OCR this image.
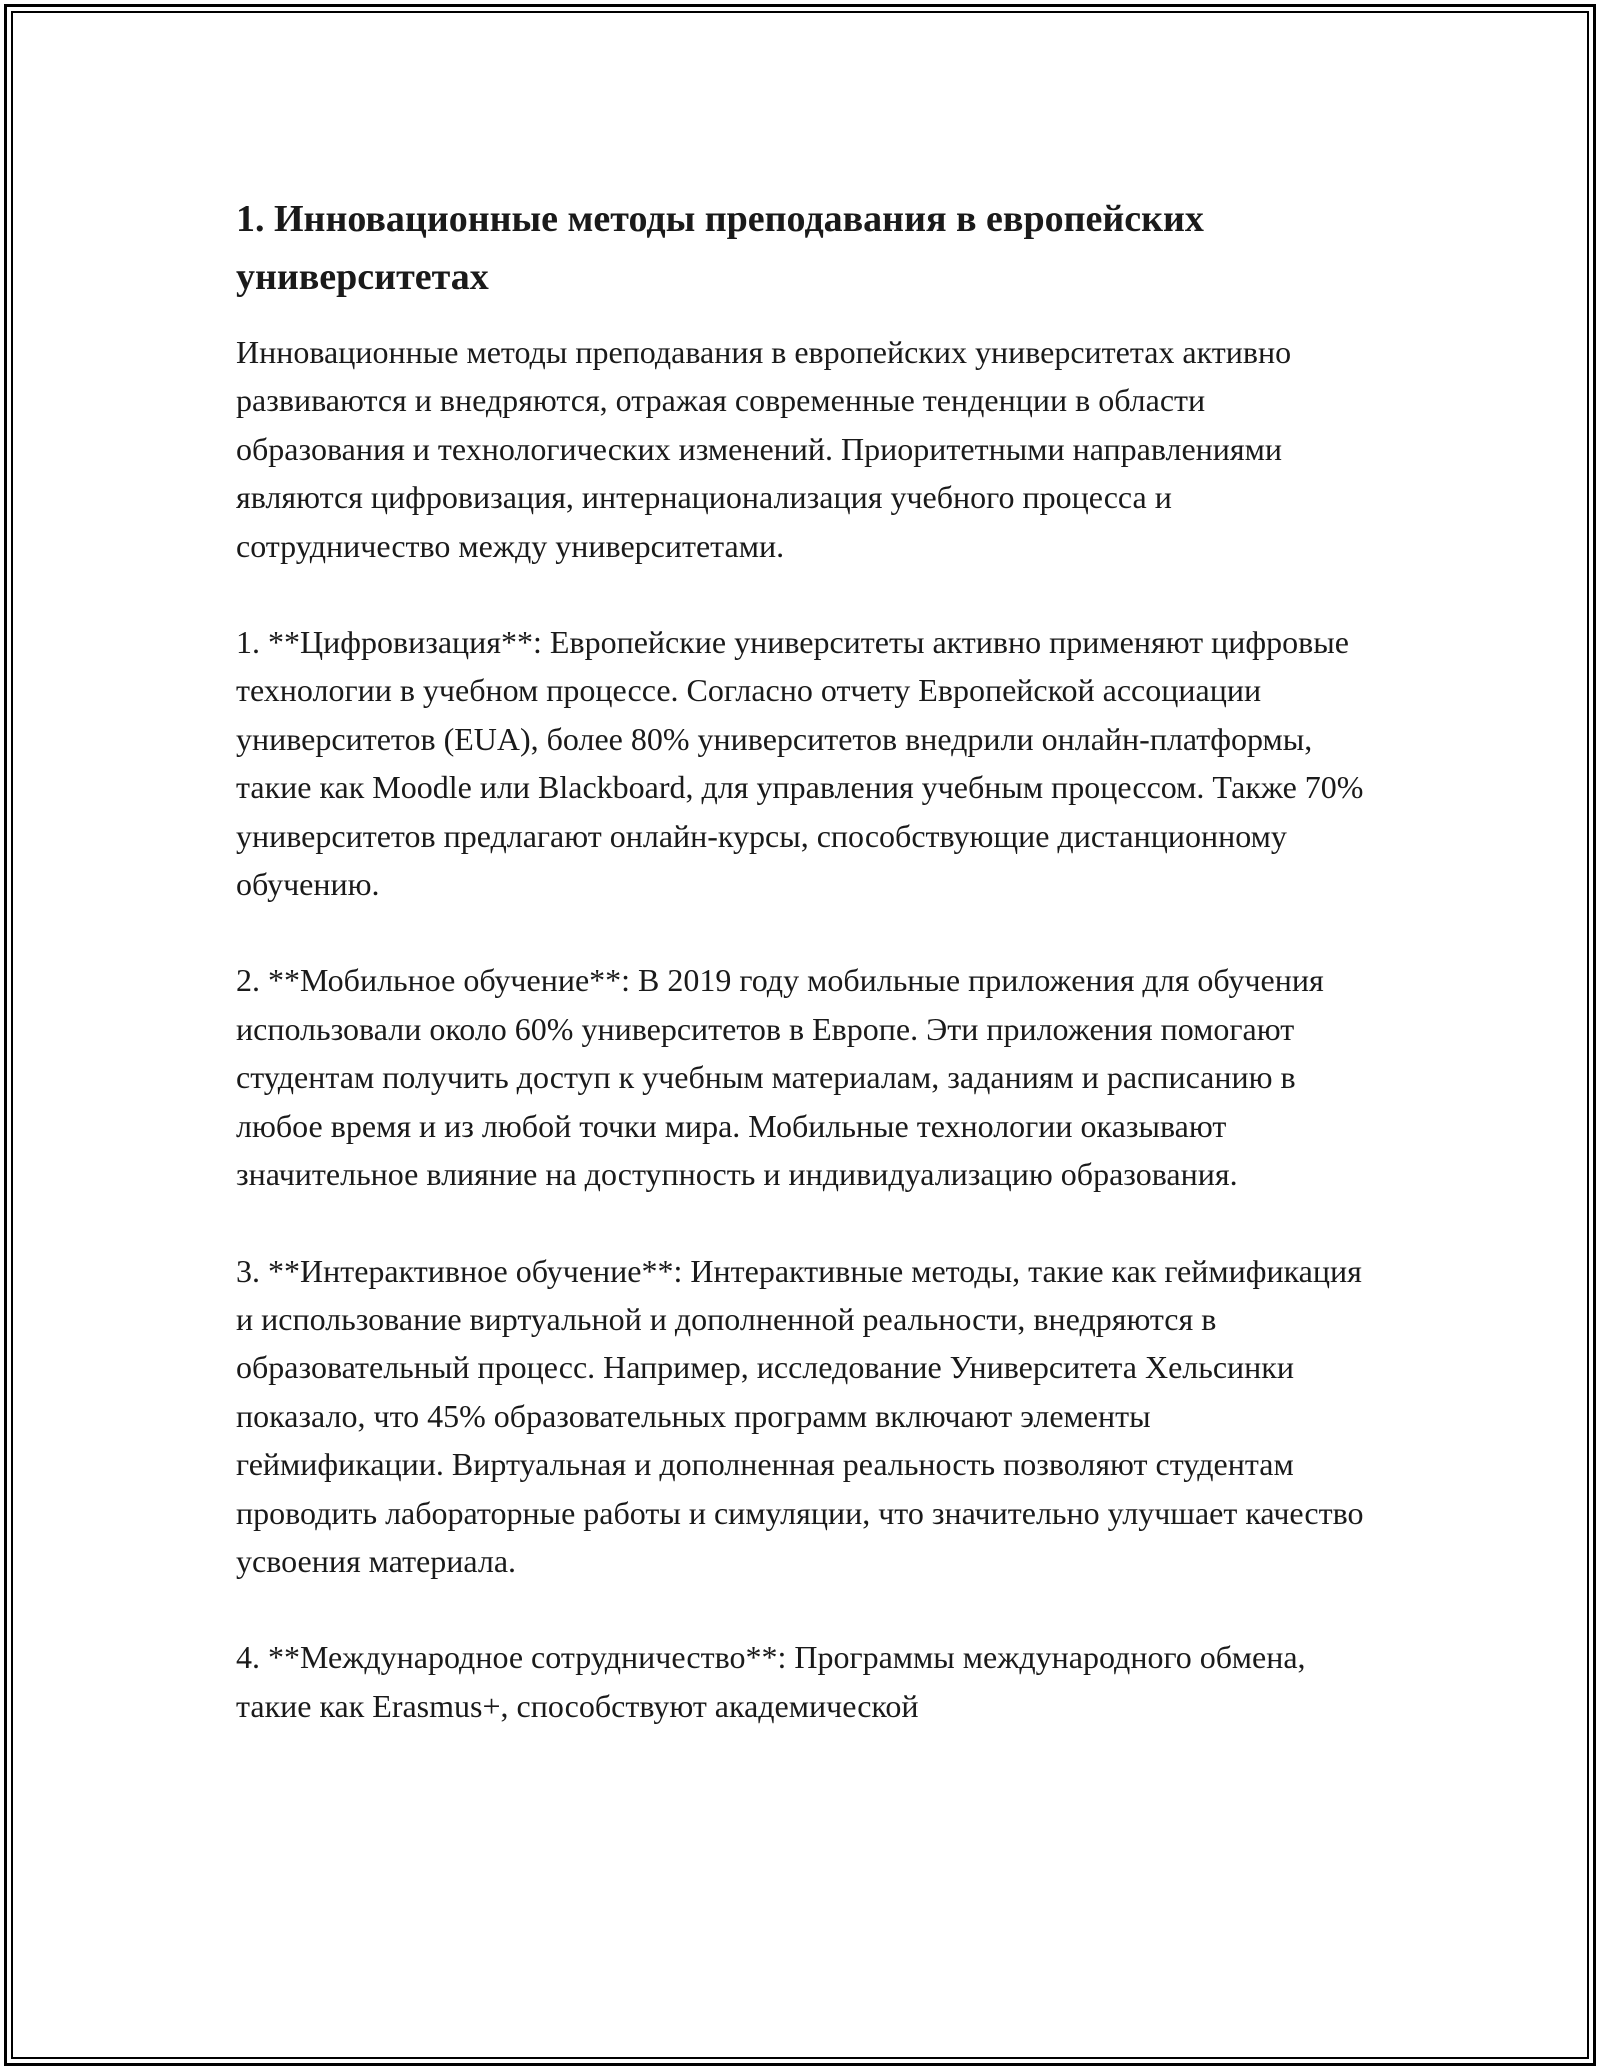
1. Инновационные методы преподавания в европейских университетах

Инновационные методы преподавания в европейских университетах активно развиваются и внедряются, отражая современные тенденции в области образования и технологических изменений. Приоритетными направлениями являются цифровизация, интернационализация учебного процесса и сотрудничество между университетами.

1. **Цифровизация**: Европейские университеты активно применяют цифровые технологии в учебном процессе. Согласно отчету Европейской ассоциации университетов (EUA), более 80% университетов внедрили онлайн-платформы, такие как Moodle или Blackboard, для управления учебным процессом. Также 70% университетов предлагают онлайн-курсы, способствующие дистанционному обучению.

2. **Мобильное обучение**: В 2019 году мобильные приложения для обучения использовали около 60% университетов в Европе. Эти приложения помогают студентам получить доступ к учебным материалам, заданиям и расписанию в любое время и из любой точки мира. Мобильные технологии оказывают значительное влияние на доступность и индивидуализацию образования.

3. **Интерактивное обучение**: Интерактивные методы, такие как геймификация и использование виртуальной и дополненной реальности, внедряются в образовательный процесс. Например, исследование Университета Хельсинки показало, что 45% образовательных программ включают элементы геймификации. Виртуальная и дополненная реальность позволяют студентам проводить лабораторные работы и симуляции, что значительно улучшает качество усвоения материала.

4. **Международное сотрудничество**: Программы международного обмена, такие как Erasmus+, способствуют академической
